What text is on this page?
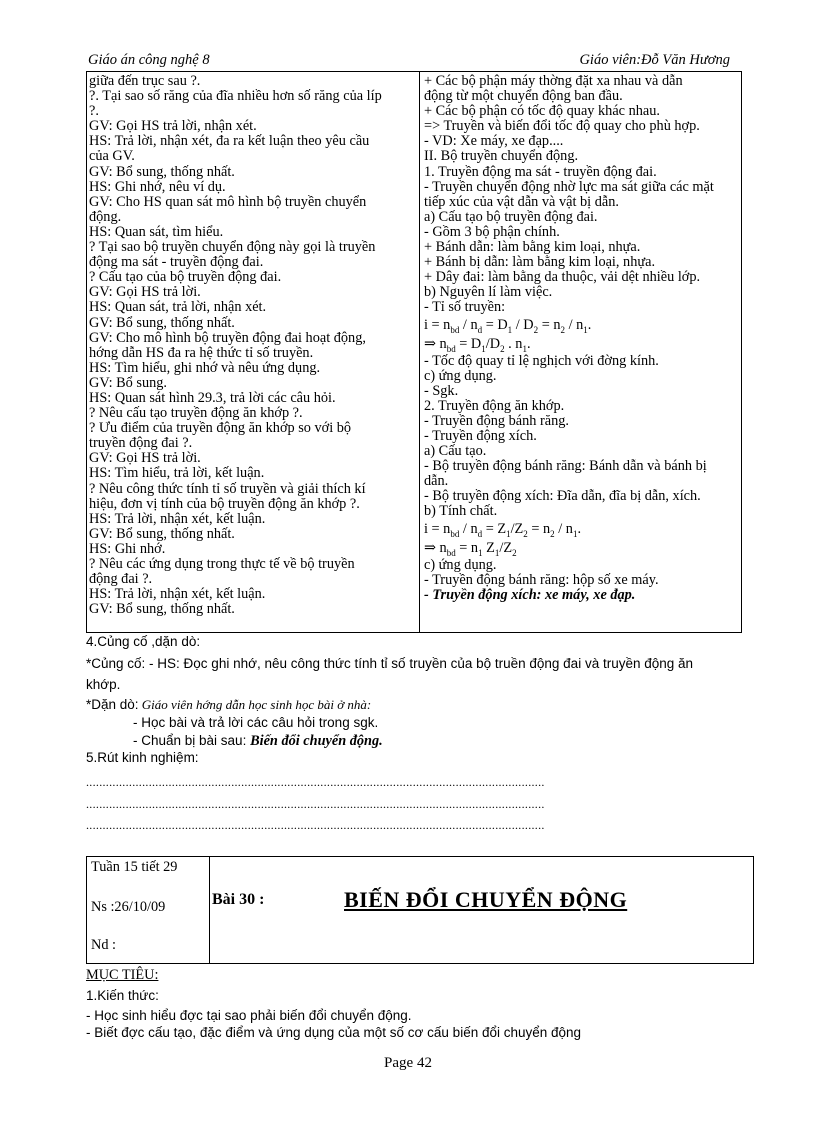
Giáo án công nghệ 8	Giáo viên:Đỗ Văn Hương
giữa đến trục sau ?.
?. Tại sao số răng của đĩa nhiều hơn số răng của líp
?.
GV: Gọi HS trả lời, nhận xét.
HS: Trả lời, nhận xét, đa ra kết luận theo yêu cầu
của GV.
GV: Bổ sung, thống nhất.
HS: Ghi nhớ, nêu ví dụ.
GV: Cho HS quan sát mô hình bộ truyền chuyển
động.
HS: Quan sát, tìm hiểu.
? Tại sao bộ truyền chuyển động này gọi là truyền
động ma sát - truyền động đai.
? Cấu tạo của bộ truyền động đai.
GV: Gọi HS trả lời.
HS: Quan sát, trả lời, nhận xét.
GV: Bổ sung, thống nhất.
GV: Cho mô hình bộ truyền động đai hoạt động,
hớng dẫn HS đa ra hệ thức tỉ số truyền.
HS: Tìm hiểu, ghi nhớ và nêu ứng dụng.
GV: Bổ sung.
HS: Quan sát hình 29.3, trả lời các câu hỏi.
? Nêu cấu tạo truyền động ăn khớp ?.
? Ưu điểm của truyền động ăn khớp so với bộ
truyền động đai ?.
GV: Gọi HS trả lời.
HS: Tìm hiểu, trả lời, kết luận.
? Nêu công thức tính tỉ số truyền và giải thích kí
hiệu, đơn vị tính của bộ truyền động ăn khớp ?.
HS: Trả lời, nhận xét, kết luận.
GV: Bổ sung, thống nhất.
HS: Ghi nhớ.
? Nêu các ứng dụng trong thực tế về bộ truyền
động đai ?.
HS: Trả lời, nhận xét, kết luận.
GV: Bổ sung, thống nhất.
+ Các bộ phận máy thờng đặt xa nhau và dẫn
động từ một chuyển động ban đầu.
+ Các bộ phận có tốc độ quay khác nhau.
=> Truyền và biến đổi tốc độ quay cho phù hợp.
- VD: Xe máy, xe đạp....
II. Bộ truyền chuyển động.
1. Truyền động ma sát - truyền động đai.
- Truyền chuyển động nhờ lực ma sát giữa các mặt
tiếp xúc của vật dẫn và vật bị dẫn.
a) Cấu tạo bộ truyền động đai.
- Gồm 3 bộ phận chính.
+ Bánh dẫn: làm bằng kim loại, nhựa.
+ Bánh bị dẫn: làm bằng kim loại, nhựa.
+ Dây đai: làm bằng da thuộc, vải dệt nhiều lớp.
b) Nguyên lí làm việc.
- Tỉ số truyền:
$i = n_{bd} / n_d = D_1 / D_2 = n_2 / n_1$.
⇒ $n_{bd} = D_1/D_2$ . $n_1$.
- Tốc độ quay tỉ lệ nghịch với đờng kính.
c) ứng dụng.
- Sgk.
2. Truyền động ăn khớp.
- Truyền động bánh răng.
- Truyền động xích.
a) Cấu tạo.
- Bộ truyền động bánh răng: Bánh dẫn và bánh bị
dẫn.
- Bộ truyền động xích: Đĩa dẫn, đĩa bị dẫn, xích.
b) Tính chất.
$i = n_{bd} / n_d = Z_1/Z_2 = n_2 / n_1$.
⇒ $n_{bd} = n_1$ $Z_1/Z_2$
c) ứng dụng.
- Truyền động bánh răng: hộp số xe máy.
- Truyền động xích: xe máy, xe đạp.
4.Củng cố ,dặn dò:
*Củng cố: - HS: Đọc ghi nhớ, nêu công thức tính tỉ số truyền của bộ truền động đai và truyền động ăn
khớp.
*Dặn dò: Giáo viên hớng dẫn học sinh học bài ở nhà:
- Học bài và trả lời các câu hỏi trong sgk.
- Chuẩn bị bài sau: Biến đổi chuyển động.
5.Rút kinh nghiệm:
...........................................................................................................................................
...........................................................................................................................................
...........................................................................................................................................
Tuần 15 tiết 29
Ns :26/10/09
Nd :
Bài 30 :	BIẾN ĐỔI CHUYỂN ĐỘNG
MỤC TIÊU:
1.Kiến thức:
- Học sinh hiểu đợc tại sao phải biến đổi chuyển động.
- Biết đợc cấu tạo, đặc điểm và ứng dụng của một số cơ cấu biến đổi chuyển động
Page 42
